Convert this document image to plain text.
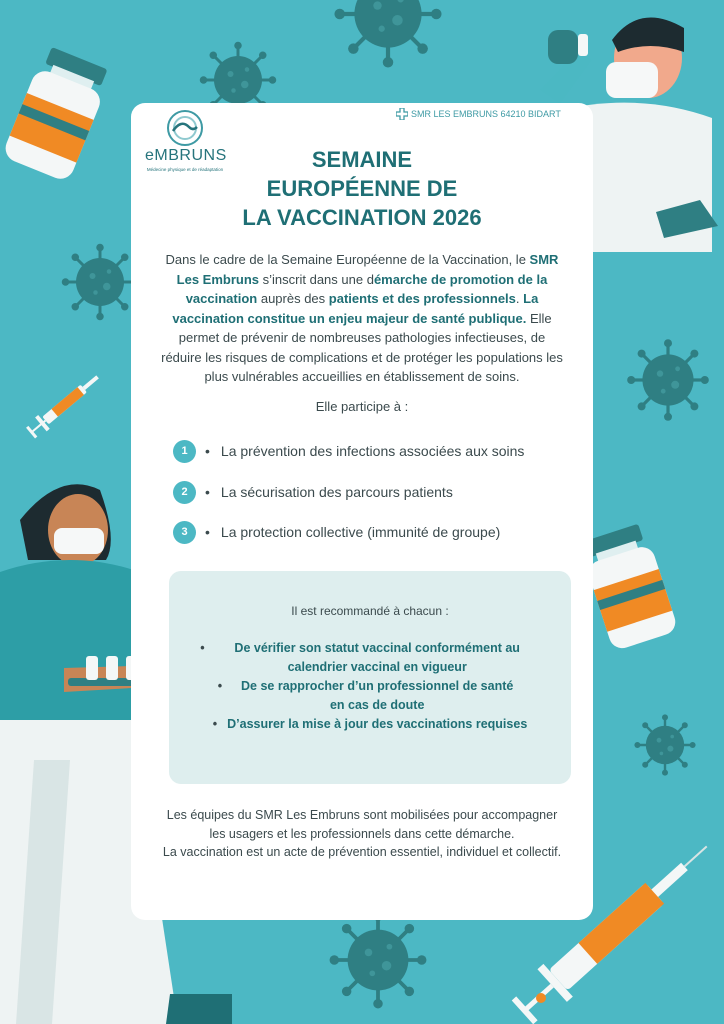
eMBRUNS
Médecine physique et de réadaptation
SMR LES EMBRUNS 64210 BIDART
SEMAINE
EUROPÉENNE DE
LA VACCINATION 2026

Dans le cadre de la Semaine Européenne de la Vaccination, le SMR Les Embruns s’inscrit dans une démarche de promotion de la vaccination auprès des patients et des professionnels. La vaccination constitue un enjeu majeur de santé publique. Elle permet de prévenir de nombreuses pathologies infectieuses, de réduire les risques de complications et de protéger les populations les plus vulnérables accueillies en établissement de soins.

Elle participe à :
1	• La prévention des infections associées aux soins
2	• La sécurisation des parcours patients
3	• La protection collective (immunité de groupe)
Il est recommandé à chacun :
•	De vérifier son statut vaccinal conformément au calendrier vaccinal en vigueur
•	De se rapprocher d’un professionnel de santé en cas de doute
• D’assurer la mise à jour des vaccinations requises

Les équipes du SMR Les Embruns sont mobilisées pour accompagner les usagers et les professionnels dans cette démarche.
La vaccination est un acte de prévention essentiel, individuel et collectif.
